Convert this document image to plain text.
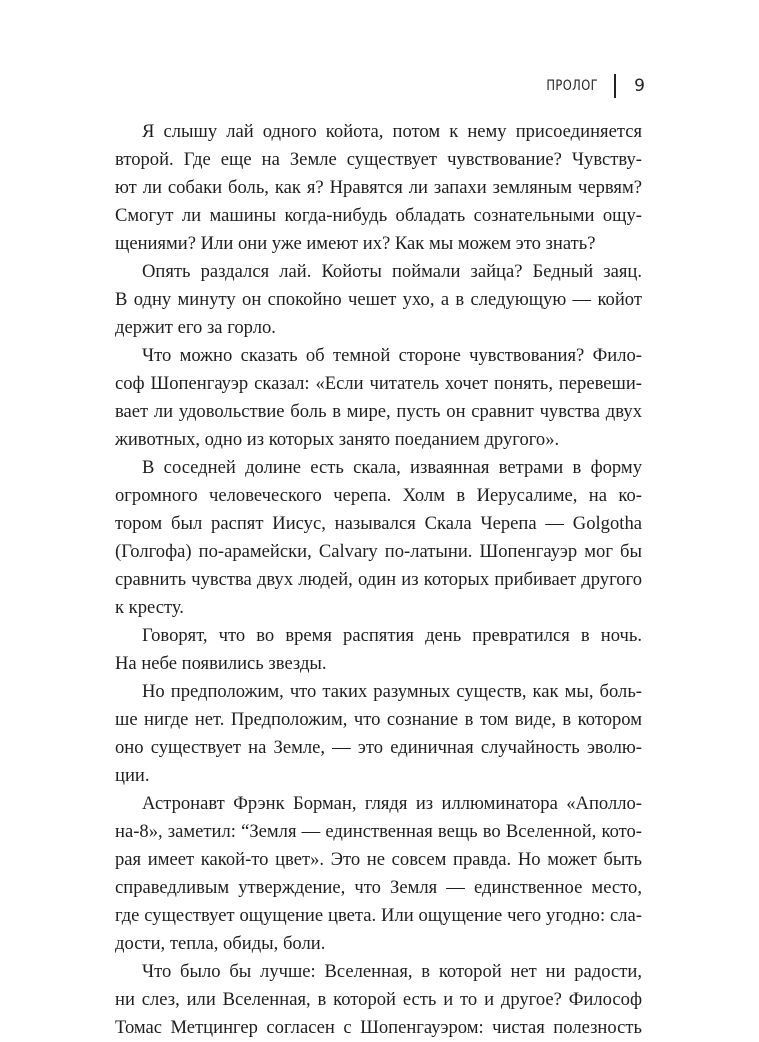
ПРОЛОГ 9

Я слышу лай одного койота, потом к нему присоединяется
второй. Где еще на Земле существует чувствование? Чувству-
ют ли собаки боль, как я? Нравятся ли запахи земляным червям?
Смогут ли машины когда-нибудь обладать сознательными ощу-
щениями? Или они уже имеют их? Как мы можем это знать?

Опять раздался лай. Койоты поймали зайца? Бедный заяц.
В одну минуту он спокойно чешет ухо, а в следующую — койот
держит его за горло.

Что можно сказать об темной стороне чувствования? Фило-
соф Шопенгауэр сказал: «Если читатель хочет понять, перевеши-
вает ли удовольствие боль в мире, пусть он сравнит чувства двух
животных, одно из которых занято поеданием другого».

В соседней долине есть скала, изваянная ветрами в форму
огромного человеческого черепа. Холм в Иерусалиме, на ко-
тором был распят Иисус, назывался Скала Черепа — Golgotha
(Голгофа) по-арамейски, Calvary по-латыни. Шопенгауэр мог бы
сравнить чувства двух людей, один из которых прибивает другого
к кресту.

Говорят, что во время распятия день превратился в ночь.
На небе появились звезды.

Но предположим, что таких разумных существ, как мы, боль-
ше нигде нет. Предположим, что сознание в том виде, в котором
оно существует на Земле, — это единичная случайность эволю-
ции.

Астронавт Фрэнк Борман, глядя из иллюминатора «Аполло-
на-8», заметил: “Земля — единственная вещь во Вселенной, кото-
рая имеет какой-то цвет». Это не совсем правда. Но может быть
справедливым утверждение, что Земля — единственное место,
где существует ощущение цвета. Или ощущение чего угодно: сла-
дости, тепла, обиды, боли.

Что было бы лучше: Вселенная, в которой нет ни радости,
ни слез, или Вселенная, в которой есть и то и другое? Философ
Томас Метцингер согласен с Шопенгауэром: чистая полезность
